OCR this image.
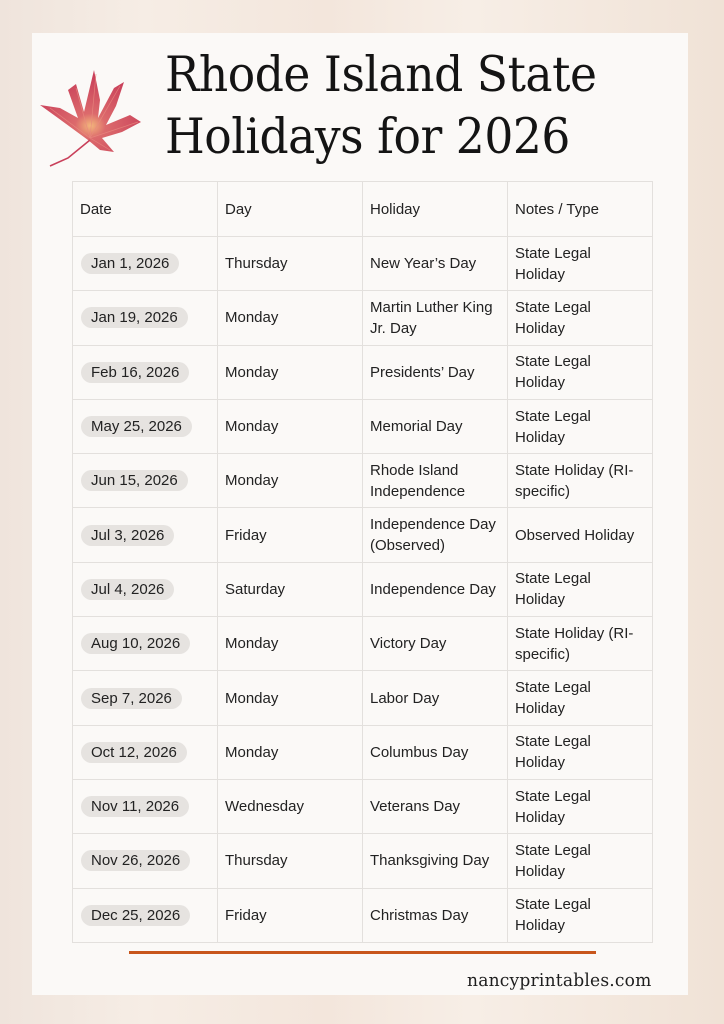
Rhode Island State
Holidays for 2026
Date	Day	Holiday	Notes / Type
Jan 1, 2026	Thursday	New Year’s Day	State Legal Holiday
Jan 19, 2026	Monday	Martin Luther King Jr. Day	State Legal Holiday
Feb 16, 2026	Monday	Presidents’ Day	State Legal Holiday
May 25, 2026	Monday	Memorial Day	State Legal Holiday
Jun 15, 2026	Monday	Rhode Island Independence	State Holiday (RI-specific)
Jul 3, 2026	Friday	Independence Day (Observed)	Observed Holiday
Jul 4, 2026	Saturday	Independence Day	State Legal Holiday
Aug 10, 2026	Monday	Victory Day	State Holiday (RI-specific)
Sep 7, 2026	Monday	Labor Day	State Legal Holiday
Oct 12, 2026	Monday	Columbus Day	State Legal Holiday
Nov 11, 2026	Wednesday	Veterans Day	State Legal Holiday
Nov 26, 2026	Thursday	Thanksgiving Day	State Legal Holiday
Dec 25, 2026	Friday	Christmas Day	State Legal Holiday
nancyprintables.com
